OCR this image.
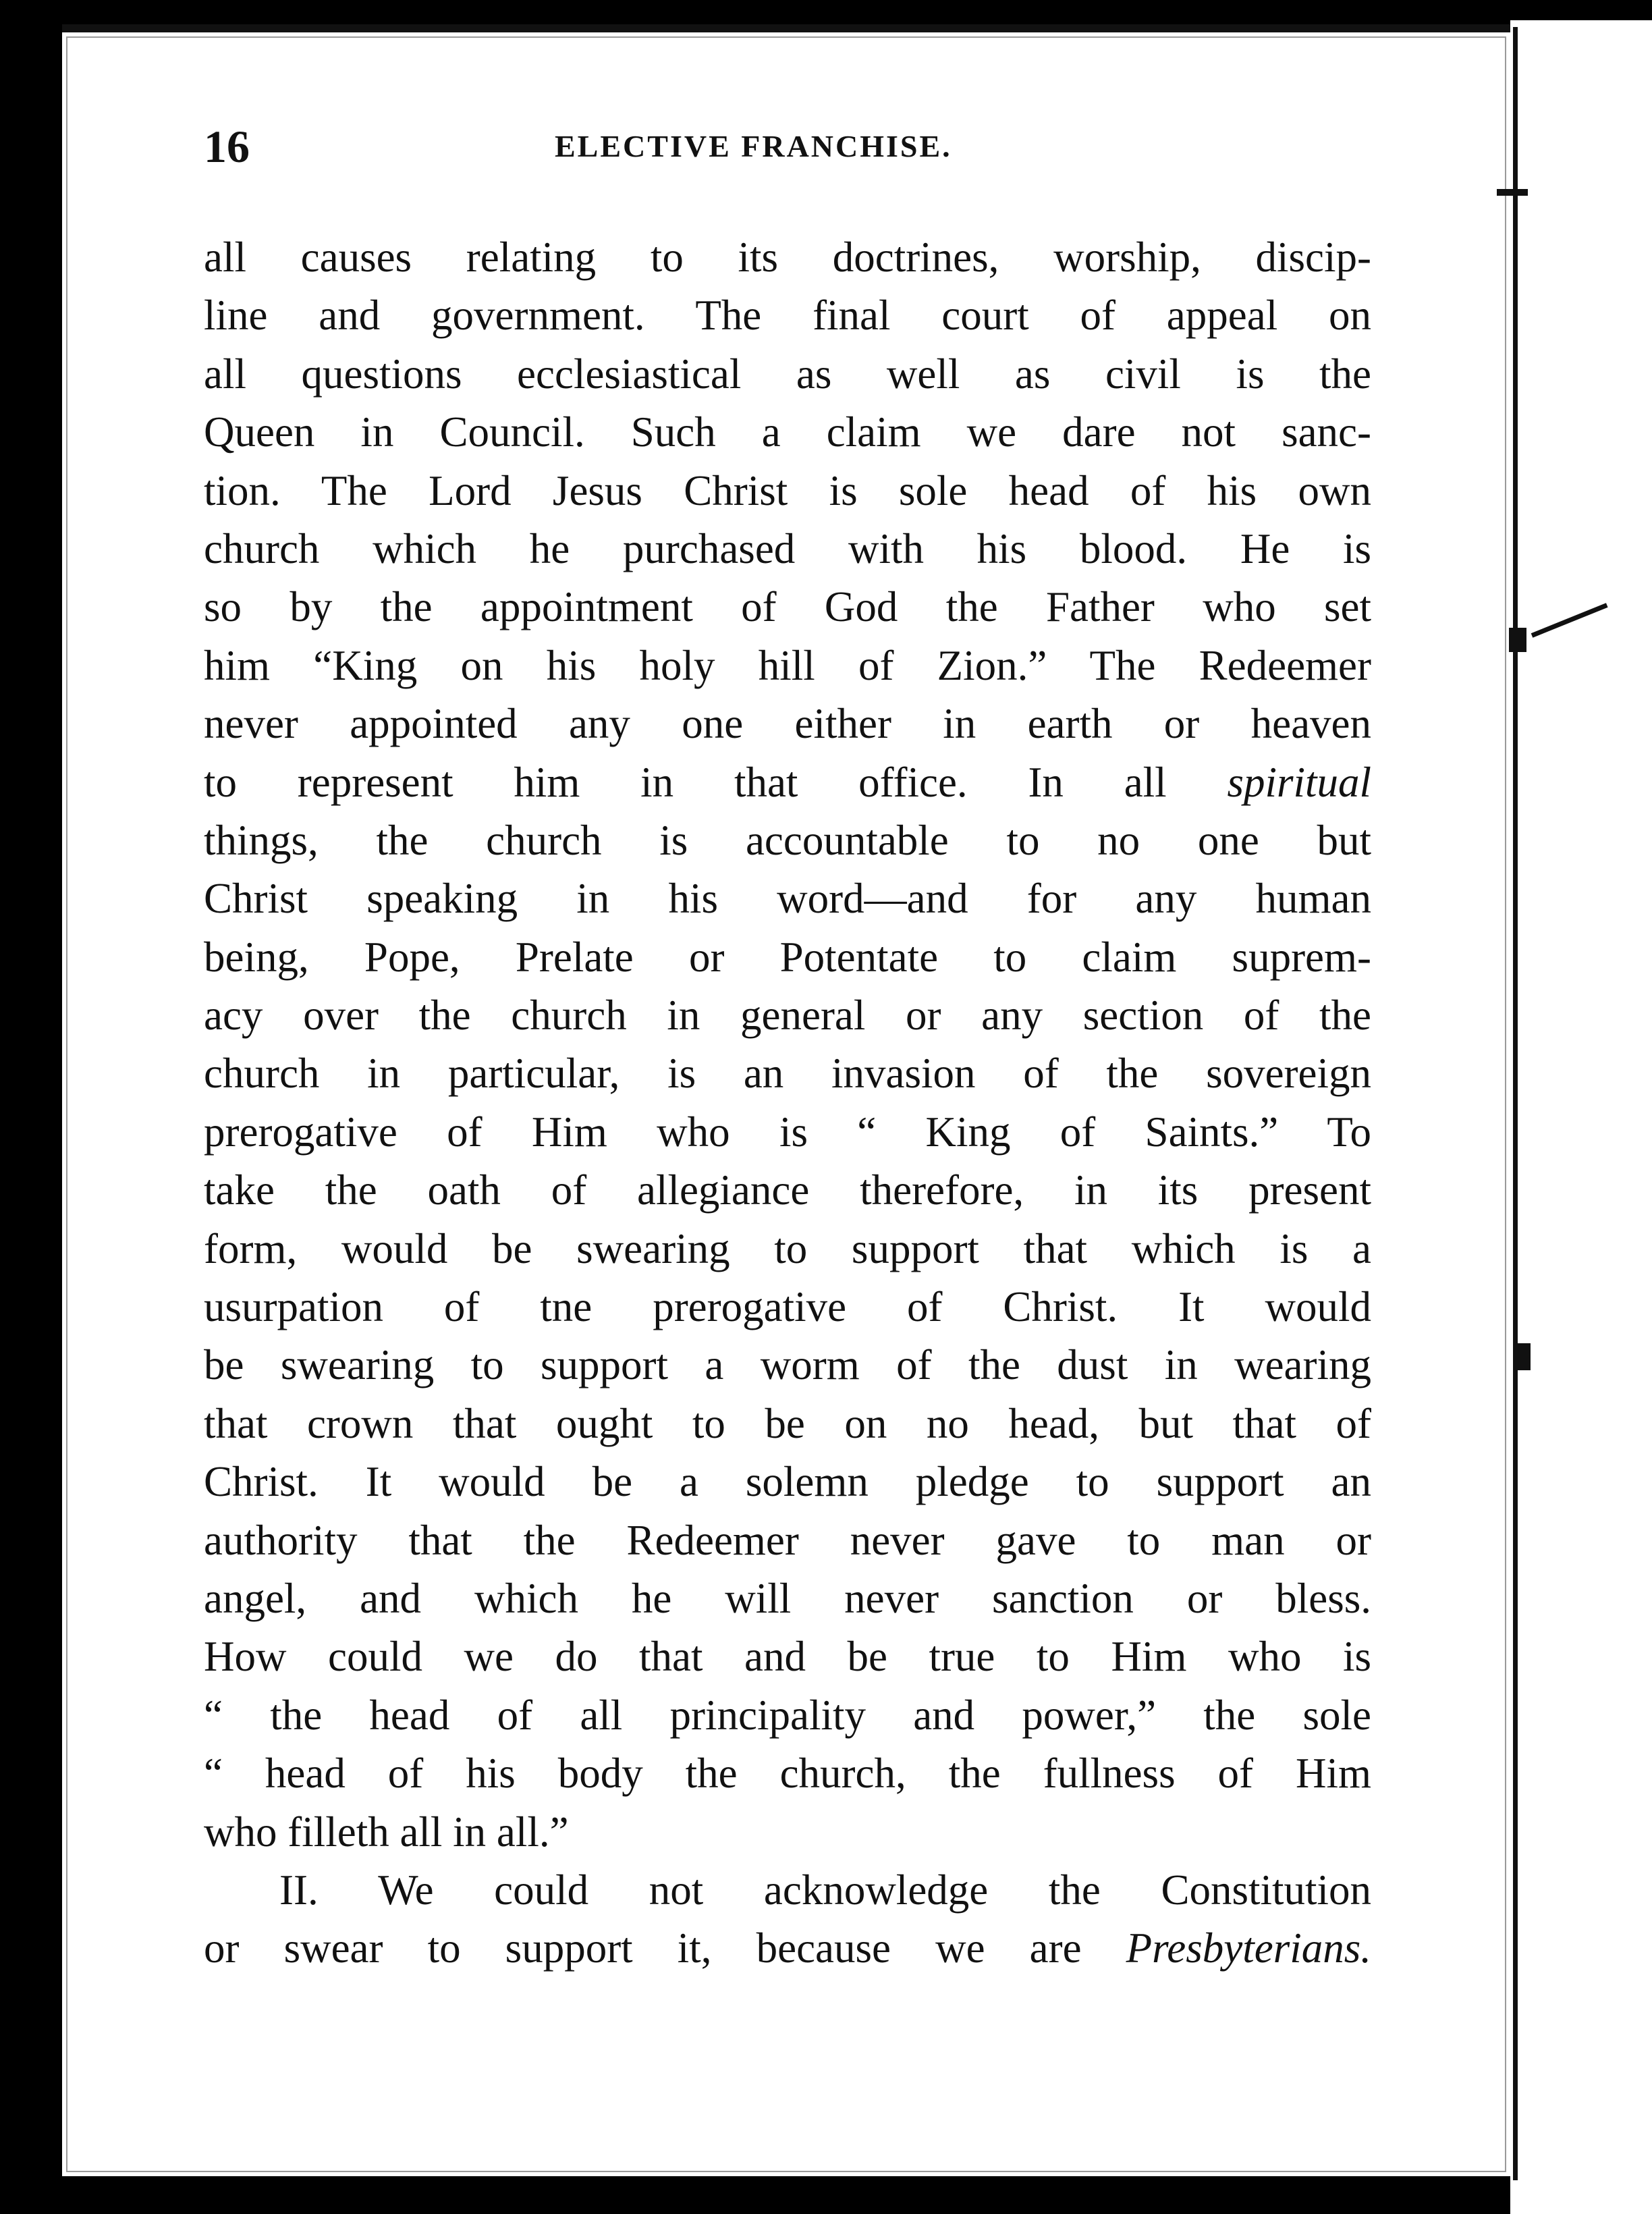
16	ELECTIVE FRANCHISE.
all causes relating to its doctrines, worship, discip-
line and government. The final court of appeal on
all questions ecclesiastical as well as civil is the
Queen in Council. Such a claim we dare not sanc-
tion. The Lord Jesus Christ is sole head of his own
church which he purchased with his blood. He is
so by the appointment of God the Father who set
him “King on his holy hill of Zion.” The Redeemer
never appointed any one either in earth or heaven
to represent him in that office. In all spiritual
things, the church is accountable to no one but
Christ speaking in his word—and for any human
being, Pope, Prelate or Potentate to claim suprem-
acy over the church in general or any section of the
church in particular, is an invasion of the sovereign
prerogative of Him who is “ King of Saints.” To
take the oath of allegiance therefore, in its present
form, would be swearing to support that which is a
usurpation of tne prerogative of Christ. It would
be swearing to support a worm of the dust in wearing
that crown that ought to be on no head, but that of
Christ. It would be a solemn pledge to support an
authority that the Redeemer never gave to man or
angel, and which he will never sanction or bless.
How could we do that and be true to Him who is
“ the head of all principality and power,” the sole
“ head of his body the church, the fullness of Him
who filleth all in all.”
II. We could not acknowledge the Constitution
or swear to support it, because we are Presbyterians.
